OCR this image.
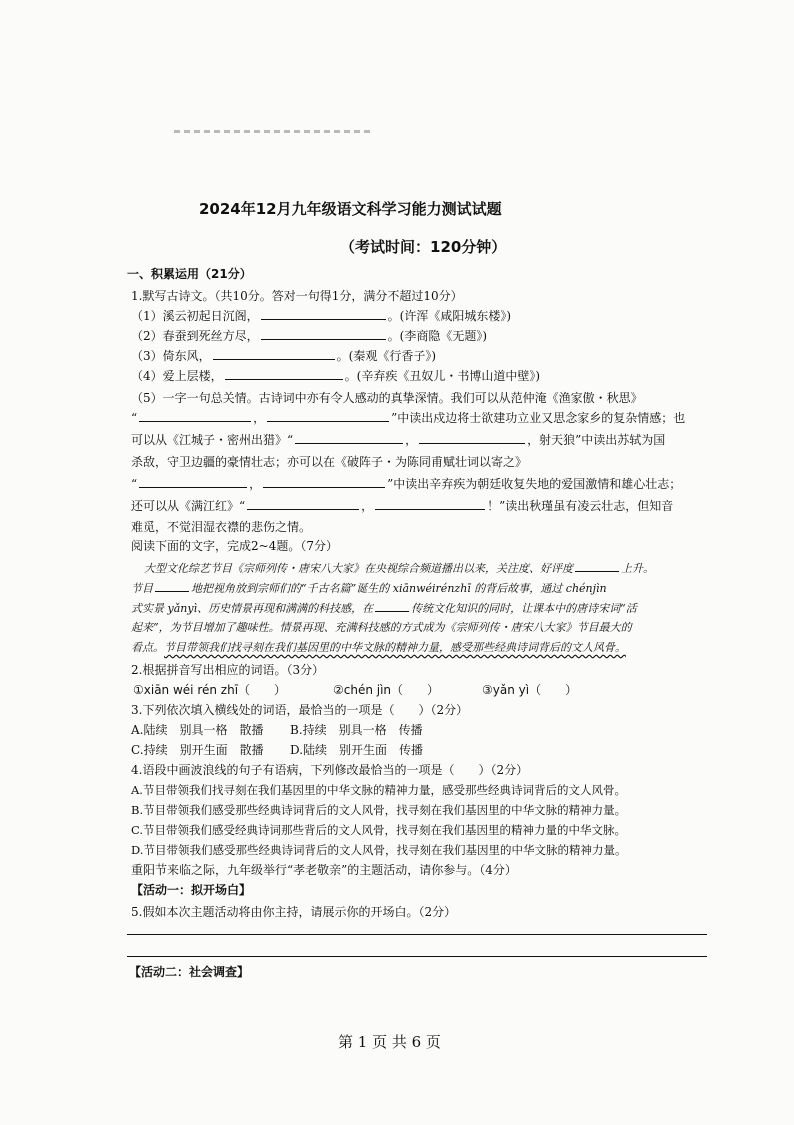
2024年12月九年级语文科学习能力测试试题
（考试时间：120分钟）
一、积累运用（21分）
1.默写古诗文。（共10分。答对一句得1分，满分不超过10分）
（1）溪云初起日沉阁，	。(许浑《咸阳城东楼》)
（2）春蚕到死丝方尽，	。(李商隐《无题》)
（3）倚东风，	。(秦观《行香子》)
（4）爱上层楼，	。(辛弃疾《丑奴儿・书博山道中壁》)
（5）一字一句总关情。古诗词中亦有令人感动的真挚深情。我们可以从范仲淹《渔家傲・秋思》
“	，	”中读出戍边将士欲建功立业又思念家乡的复杂情感；也
可以从《江城子・密州出猎》“	，	，射天狼”中读出苏轼为国
杀敌，守卫边疆的豪情壮志；亦可以在《破阵子・为陈同甫赋壮词以寄之》
“	，	”中读出辛弃疾为朝廷收复失地的爱国激情和雄心壮志；
还可以从《满江红》“	，	！”读出秋瑾虽有凌云壮志，但知音
难觅，不觉泪湿衣襟的悲伤之情。
阅读下面的文字，完成2~4题。（7分）
大型文化综艺节目《宗师列传・唐宋八大家》在央视综合频道播出以来，关注度、好评度	上升。
节目	地把视角放到宗师们的“千古名篇”诞生的 xiānwéirénzhī 的背后故事，通过 chénjìn
式实景 yǎnyì、历史情景再现和满满的科技感，在	传统文化知识的同时，让课本中的唐诗宋词“活
起来”，为节目增加了趣味性。情景再现、充满科技感的方式成为《宗师列传・唐宋八大家》节目最大的
看点。节目带领我们找寻刻在我们基因里的中华文脉的精神力量，感受那些经典诗词背后的文人风骨。
2.根据拼音写出相应的词语。（3分）
①xiān wéi rén zhī（　　）	②chén jìn（　　）	③yǎn yì（　　）
3.下列依次填入横线处的词语，最恰当的一项是（　　）（2分）
A.陆续　别具一格　散播 B.持续　别具一格　传播
C.持续　别开生面　散播 D.陆续　别开生面　传播
4.语段中画波浪线的句子有语病，下列修改最恰当的一项是（　　）（2分）
A.节目带领我们找寻刻在我们基因里的中华文脉的精神力量，感受那些经典诗词背后的文人风骨。
B.节目带领我们感受那些经典诗词背后的文人风骨，找寻刻在我们基因里的中华文脉的精神力量。
C.节目带领我们感受经典诗词那些背后的文人风骨，找寻刻在我们基因里的精神力量的中华文脉。
D.节目带领我们感受那些经典诗词背后的文人风骨，找寻刻在我们基因里的中华文脉的精神力量。
重阳节来临之际，九年级举行“孝老敬亲”的主题活动，请你参与。（4分）
【活动一：拟开场白】
5.假如本次主题活动将由你主持，请展示你的开场白。（2分）
【活动二：社会调查】
第 1 页 共 6 页
